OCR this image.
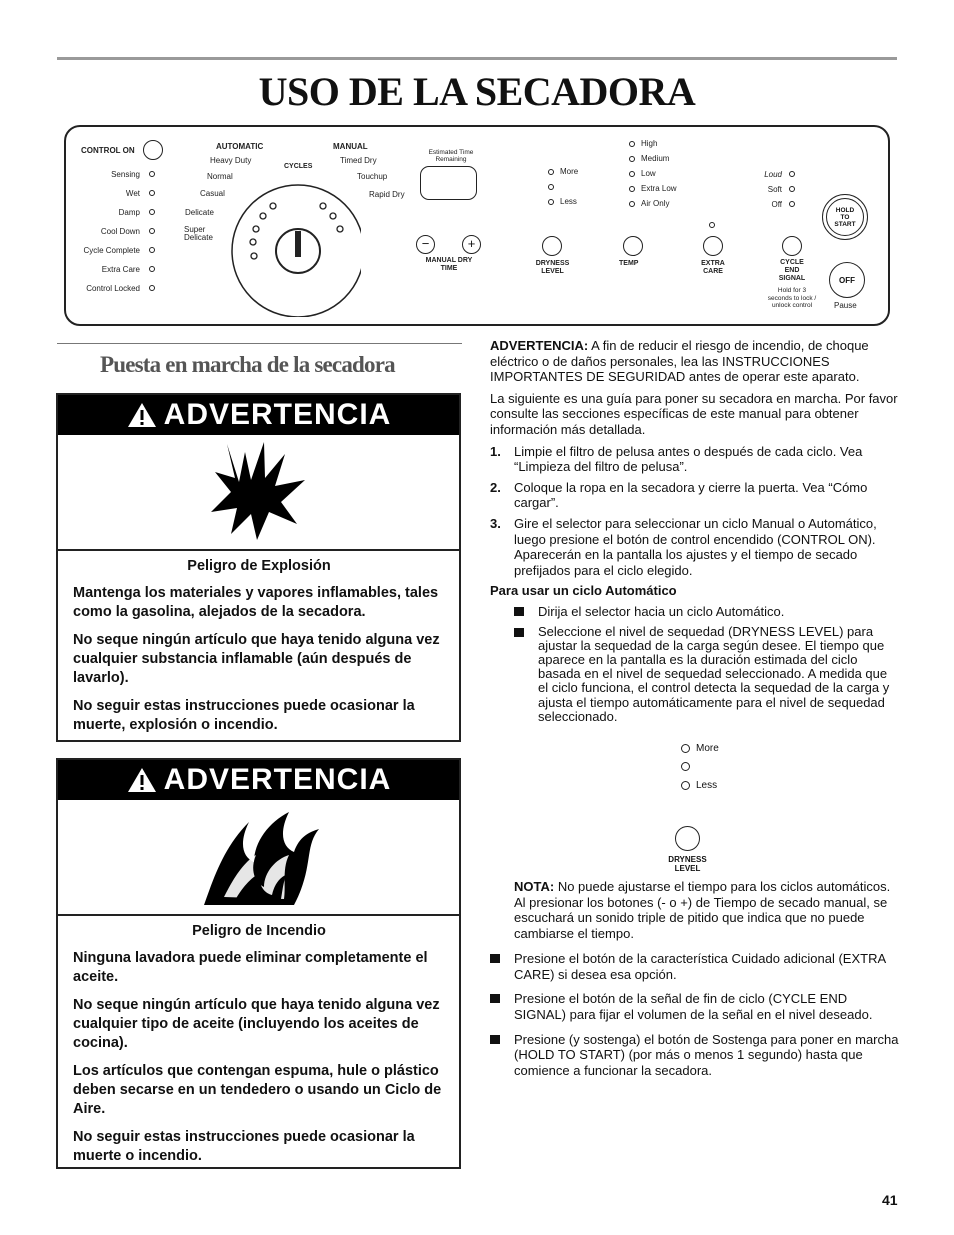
USO DE LA SECADORA
CONTROL ON
Sensing
Wet
Damp
Cool Down
Cycle Complete
Extra Care
Control Locked
AUTOMATIC	MANUAL
CYCLES
Heavy Duty
Normal
Casual
Delicate
Super Delicate
Timed Dry
Touchup
Rapid Dry
Estimated Time Remaining
−	+
MANUAL DRY TIME
More
Less
DRYNESS LEVEL
High
Medium
Low
Extra Low
Air Only
TEMP	EXTRA CARE
Loud
Soft
Off
CYCLE END SIGNAL
Hold for 3 seconds to lock / unlock control
HOLD TO START
OFF
Pause
Puesta en marcha de la secadora
ADVERTENCIA

Peligro de Explosión

Mantenga los materiales y vapores inflamables, tales como la gasolina, alejados de la secadora.

No seque ningún artículo que haya tenido alguna vez cualquier substancia inflamable (aún después de lavarlo).

No seguir estas instrucciones puede ocasionar la muerte, explosión o incendio.

ADVERTENCIA

Peligro de Incendio

Ninguna lavadora puede eliminar completamente el aceite.

No seque ningún artículo que haya tenido alguna vez cualquier tipo de aceite (incluyendo los aceites de cocina).

Los artículos que contengan espuma, hule o plástico deben secarse en un tendedero o usando un Ciclo de Aire.

No seguir estas instrucciones puede ocasionar la muerte o incendio.

ADVERTENCIA: A fin de reducir el riesgo de incendio, de choque eléctrico o de daños personales, lea las INSTRUCCIONES IMPORTANTES DE SEGURIDAD antes de operar este aparato.

La siguiente es una guía para poner su secadora en marcha. Por favor consulte las secciones específicas de este manual para obtener información más detallada.

1.	Limpie el filtro de pelusa antes o después de cada ciclo. Vea “Limpieza del filtro de pelusa”.
2.	Coloque la ropa en la secadora y cierre la puerta. Vea “Cómo cargar”.
3.	Gire el selector para seleccionar un ciclo Manual o Automático, luego presione el botón de control encendido (CONTROL ON). Aparecerán en la pantalla los ajustes y el tiempo de secado prefijados para el ciclo elegido.
Para usar un ciclo Automático
Dirija el selector hacia un ciclo Automático.
Seleccione el nivel de sequedad (DRYNESS LEVEL) para ajustar la sequedad de la carga según desee. El tiempo que aparece en la pantalla es la duración estimada del ciclo basada en el nivel de sequedad seleccionado. A medida que el ciclo funciona, el control detecta la sequedad de la carga y ajusta el tiempo automáticamente para el nivel de sequedad seleccionado.
More
Less
DRYNESS LEVEL

NOTA: No puede ajustarse el tiempo para los ciclos automáticos. Al presionar los botones (- o +) de Tiempo de secado manual, se escuchará un sonido triple de pitido que indica que no puede cambiarse el tiempo.

Presione el botón de la característica Cuidado adicional (EXTRA CARE) si desea esa opción.
Presione el botón de la señal de fin de ciclo (CYCLE END SIGNAL) para fijar el volumen de la señal en el nivel deseado.
Presione (y sostenga) el botón de Sostenga para poner en marcha (HOLD TO START) (por más o menos 1 segundo) hasta que comience a funcionar la secadora.
41
